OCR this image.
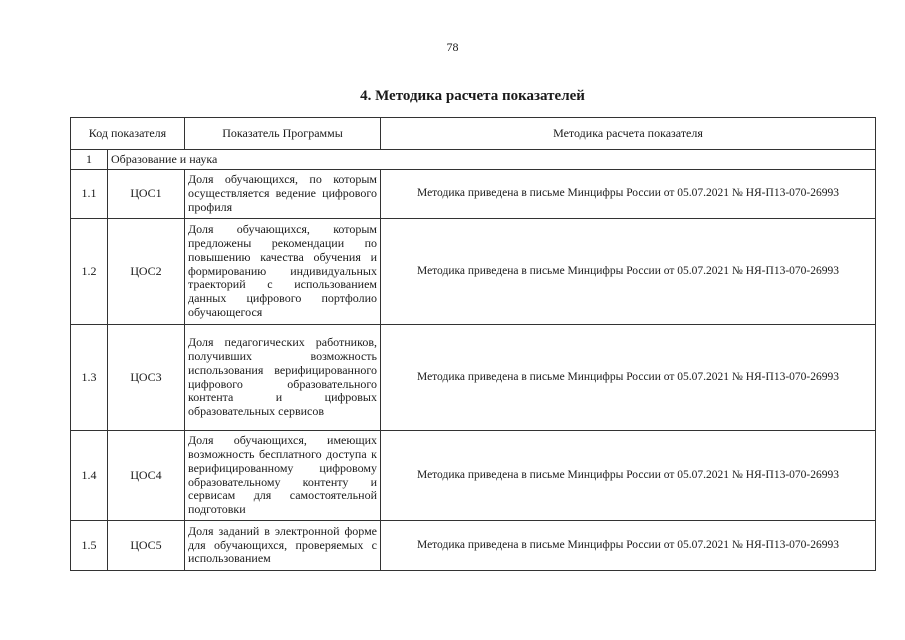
78
4. Методика расчета показателей
Код показателя		Показатель Программы	Методика расчета показателя
1	Образование и наука		
1.1	ЦОС1	Доля обучающихся, по которым осуществляется ведение цифрового профиля	Методика приведена в письме Минцифры России от 05.07.2021 № НЯ-П13-070-26993
1.2	ЦОС2	Доля обучающихся, которым предложены рекомендации по повышению качества обучения и формированию индивидуальных траекторий с использованием данных цифрового портфолио обучающегося	Методика приведена в письме Минцифры России от 05.07.2021 № НЯ-П13-070-26993
1.3	ЦОС3	Доля педагогических работников, получивших возможность использования верифицированного цифрового образовательного контента и цифровых образовательных сервисов	Методика приведена в письме Минцифры России от 05.07.2021 № НЯ-П13-070-26993
1.4	ЦОС4	Доля обучающихся, имеющих возможность бесплатного доступа к верифицированному цифровому образовательному контенту и сервисам для самостоятельной подготовки	Методика приведена в письме Минцифры России от 05.07.2021 № НЯ-П13-070-26993
1.5	ЦОС5	Доля заданий в электронной форме для обучающихся, проверяемых с использованием	Методика приведена в письме Минцифры России от 05.07.2021 № НЯ-П13-070-26993
